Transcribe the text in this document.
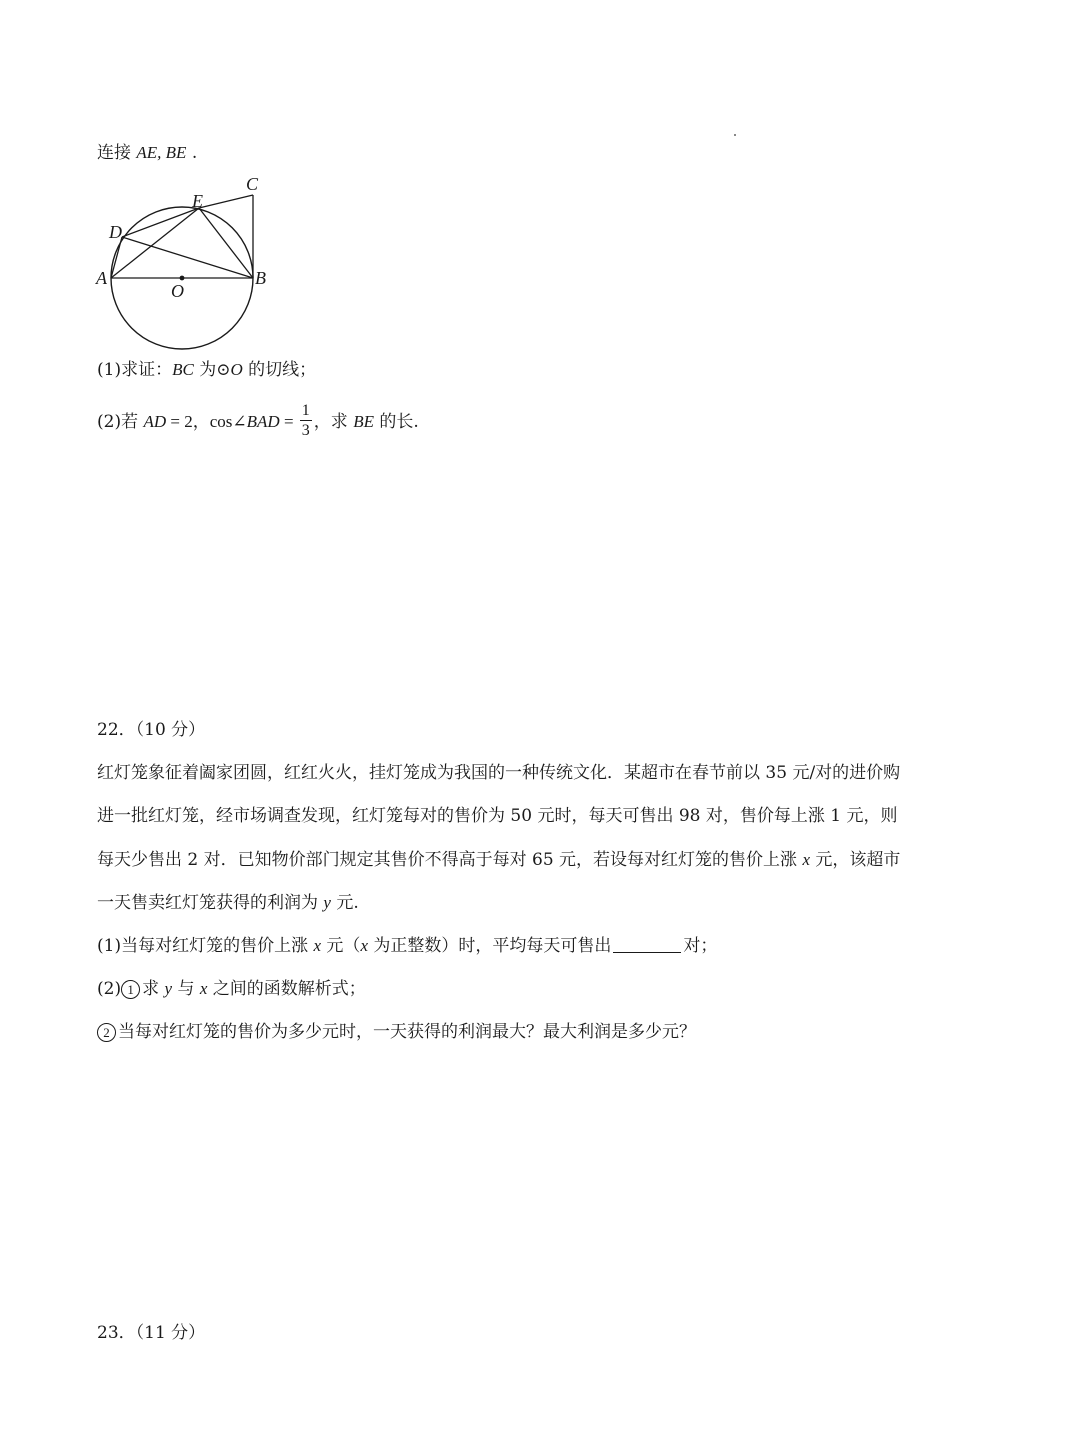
连接 AE, BE .
A	B
C
D
E
O
(1)求证：BC 为⊙O 的切线；
(2)若 AD = 2，cos∠BAD = $\frac{1}{3}$ ，求 BE 的长.
22．（10 分）
红灯笼象征着阖家团圆，红红火火，挂灯笼成为我国的一种传统文化．某超市在春节前以 35 元/对的进价购
进一批红灯笼，经市场调查发现，红灯笼每对的售价为 50 元时，每天可售出 98 对，售价每上涨 1 元，则
每天少售出 2 对．已知物价部门规定其售价不得高于每对 65 元，若设每对红灯笼的售价上涨 x 元，该超市
一天售卖红灯笼获得的利润为 y 元.
(1)当每对红灯笼的售价上涨 x 元（x 为正整数）时，平均每天可售出	对；
(2) 1 求 y 与 x 之间的函数解析式；
2 当每对红灯笼的售价为多少元时，一天获得的利润最大？最大利润是多少元？
23．（11 分）
